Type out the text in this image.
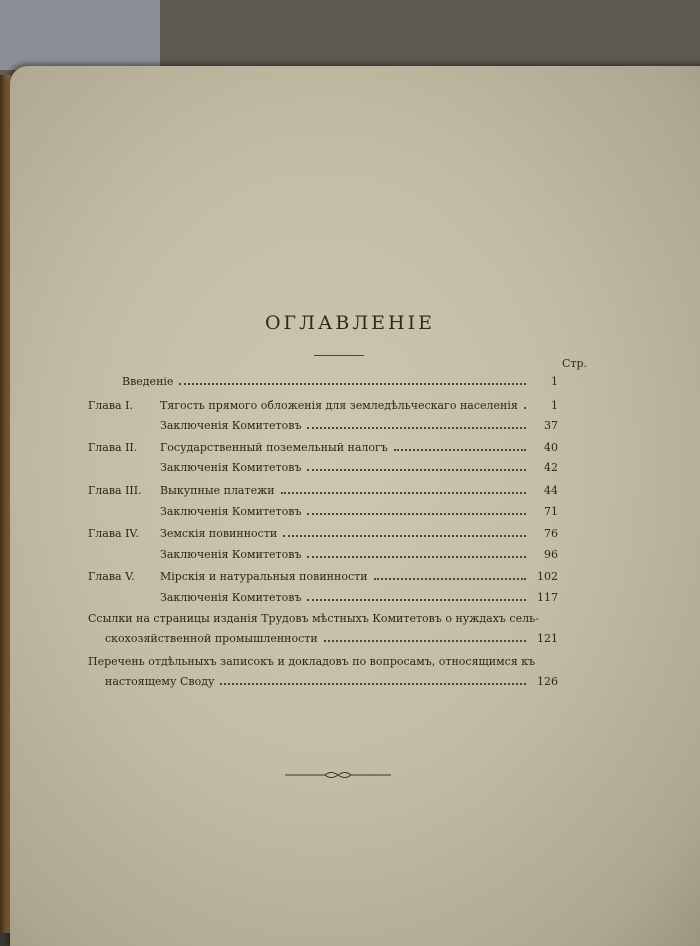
ОГЛАВЛЕНIЕ
Стр.
Введенiе	1
Глава I.	Тягость прямого обложенiя для земледѣльческаго населенiя	1
Заключенiя Комитетовъ	37
Глава II.	Государственный поземельный налогъ	40
Заключенiя Комитетовъ	42
Глава III.	Выкупные платежи	44
Заключенiя Комитетовъ	71
Глава IV.	Земскiя повинности	76
Заключенiя Комитетовъ	96
Глава V.	Мiрскiя и натуральныя повинности	102
Заключенiя Комитетовъ	117
Ссылки на страницы изданiя Трудовъ мѣстныхъ Комитетовъ о нуждахъ сель-
скохозяйственной промышленности	121
Перечень отдѣльныхъ записокъ и докладовъ по вопросамъ, относящимся къ
настоящему Своду	126
